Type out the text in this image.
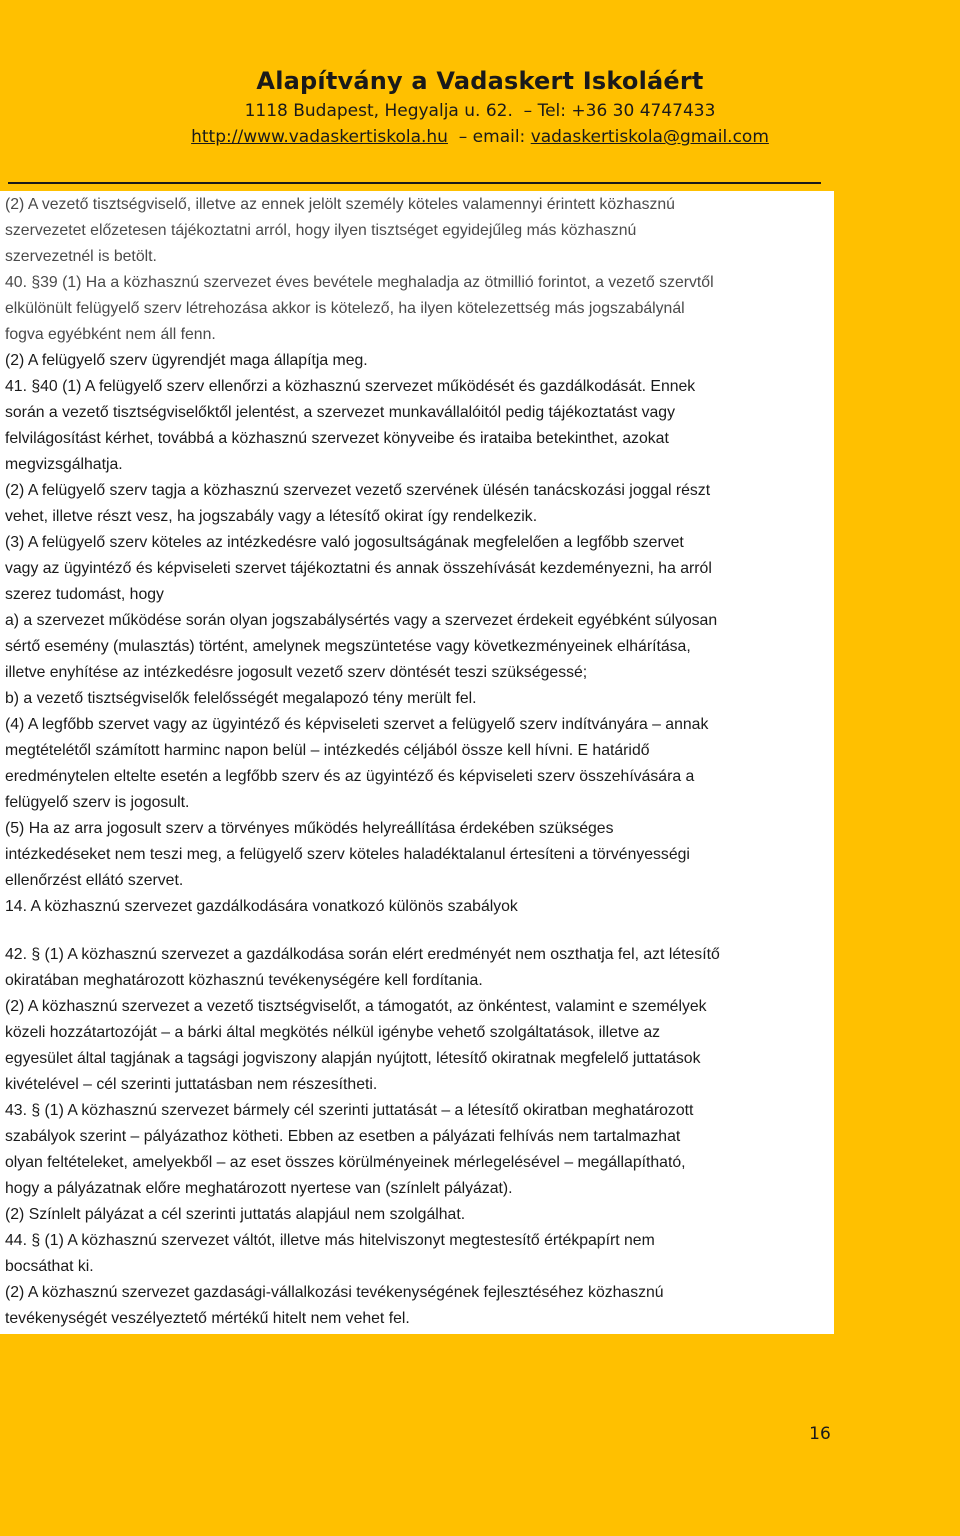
Alapítvány a Vadaskert Iskoláért
1118 Budapest, Hegyalja u. 62.  – Tel: +36 30 4747433
http://www.vadaskertiskola.hu  – email: vadaskertiskola@gmail.com
16
(2) A vezető tisztségviselő, illetve az ennek jelölt személy köteles valamennyi érintett közhasznú
szervezetet előzetesen tájékoztatni arról, hogy ilyen tisztséget egyidejűleg más közhasznú
szervezetnél is betölt.
40. §39 (1) Ha a közhasznú szervezet éves bevétele meghaladja az ötmillió forintot, a vezető szervtől
elkülönült felügyelő szerv létrehozása akkor is kötelező, ha ilyen kötelezettség más jogszabálynál
fogva egyébként nem áll fenn.
(2) A felügyelő szerv ügyrendjét maga állapítja meg.
41. §40 (1) A felügyelő szerv ellenőrzi a közhasznú szervezet működését és gazdálkodását. Ennek
során a vezető tisztségviselőktől jelentést, a szervezet munkavállalóitól pedig tájékoztatást vagy
felvilágosítást kérhet, továbbá a közhasznú szervezet könyveibe és irataiba betekinthet, azokat
megvizsgálhatja.
(2) A felügyelő szerv tagja a közhasznú szervezet vezető szervének ülésén tanácskozási joggal részt
vehet, illetve részt vesz, ha jogszabály vagy a létesítő okirat így rendelkezik.
(3) A felügyelő szerv köteles az intézkedésre való jogosultságának megfelelően a legfőbb szervet
vagy az ügyintéző és képviseleti szervet tájékoztatni és annak összehívását kezdeményezni, ha arról
szerez tudomást, hogy
a) a szervezet működése során olyan jogszabálysértés vagy a szervezet érdekeit egyébként súlyosan
sértő esemény (mulasztás) történt, amelynek megszüntetése vagy következményeinek elhárítása,
illetve enyhítése az intézkedésre jogosult vezető szerv döntését teszi szükségessé;
b) a vezető tisztségviselők felelősségét megalapozó tény merült fel.
(4) A legfőbb szervet vagy az ügyintéző és képviseleti szervet a felügyelő szerv indítványára – annak
megtételétől számított harminc napon belül – intézkedés céljából össze kell hívni. E határidő
eredménytelen eltelte esetén a legfőbb szerv és az ügyintéző és képviseleti szerv összehívására a
felügyelő szerv is jogosult.
(5) Ha az arra jogosult szerv a törvényes működés helyreállítása érdekében szükséges
intézkedéseket nem teszi meg, a felügyelő szerv köteles haladéktalanul értesíteni a törvényességi
ellenőrzést ellátó szervet.
14. A közhasznú szervezet gazdálkodására vonatkozó különös szabályok
42. § (1) A közhasznú szervezet a gazdálkodása során elért eredményét nem oszthatja fel, azt létesítő
okiratában meghatározott közhasznú tevékenységére kell fordítania.
(2) A közhasznú szervezet a vezető tisztségviselőt, a támogatót, az önkéntest, valamint e személyek
közeli hozzátartozóját – a bárki által megkötés nélkül igénybe vehető szolgáltatások, illetve az
egyesület által tagjának a tagsági jogviszony alapján nyújtott, létesítő okiratnak megfelelő juttatások
kivételével – cél szerinti juttatásban nem részesítheti.
43. § (1) A közhasznú szervezet bármely cél szerinti juttatását – a létesítő okiratban meghatározott
szabályok szerint – pályázathoz kötheti. Ebben az esetben a pályázati felhívás nem tartalmazhat
olyan feltételeket, amelyekből – az eset összes körülményeinek mérlegelésével – megállapítható,
hogy a pályázatnak előre meghatározott nyertese van (színlelt pályázat).
(2) Színlelt pályázat a cél szerinti juttatás alapjául nem szolgálhat.
44. § (1) A közhasznú szervezet váltót, illetve más hitelviszonyt megtestesítő értékpapírt nem
bocsáthat ki.
(2) A közhasznú szervezet gazdasági-vállalkozási tevékenységének fejlesztéséhez közhasznú
tevékenységét veszélyeztető mértékű hitelt nem vehet fel.
